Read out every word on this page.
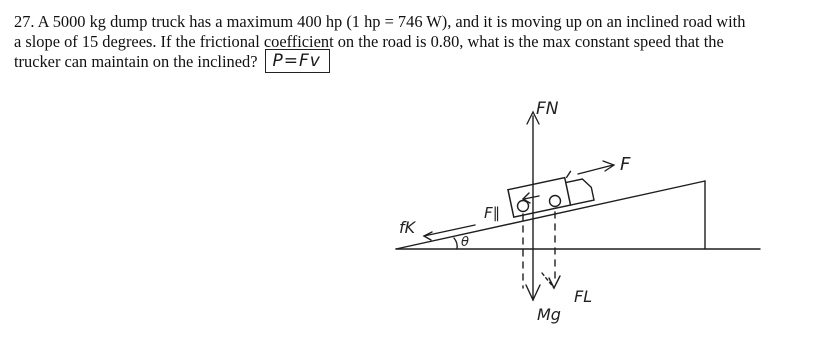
27. A 5000 kg dump truck has a maximum 400 hp (1 hp = 746 W), and it is moving up on an inclined road with
a slope of 15 degrees. If the frictional coefficient on the road is 0.80, what is the max constant speed that the
trucker can maintain on the inclined? P=Fv
FN
F
F∥
fK
θ
FL
Mg
